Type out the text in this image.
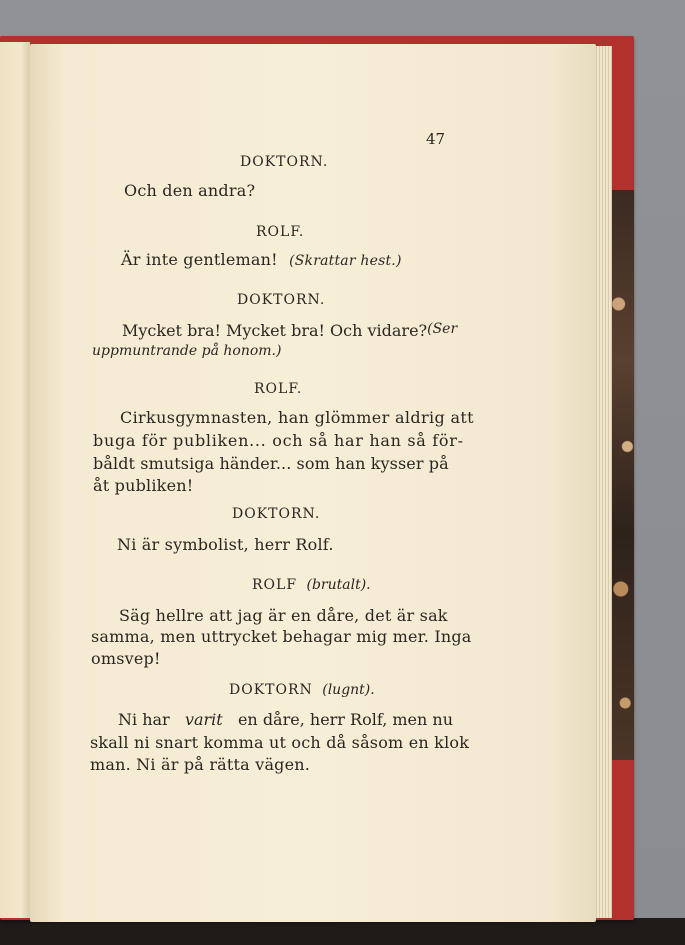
47
DOKTORN.
Och den andra?
ROLF.
Är inte gentleman! (Skrattar hest.)
DOKTORN.
Mycket bra! Mycket bra! Och vidare? (Ser
uppmuntrande på honom.)
ROLF.
Cirkusgymnasten, han glömmer aldrig att
buga för publiken... och så har han så för-
båldt smutsiga händer... som han kysser på
åt publiken!
DOKTORN.
Ni är symbolist, herr Rolf.
ROLF (brutalt).
Säg hellre att jag är en dåre, det är sak
samma, men uttrycket behagar mig mer. Inga
omsvep!
DOKTORN (lugnt).
Ni har varit en dåre, herr Rolf, men nu
skall ni snart komma ut och då såsom en klok
man. Ni är på rätta vägen.
